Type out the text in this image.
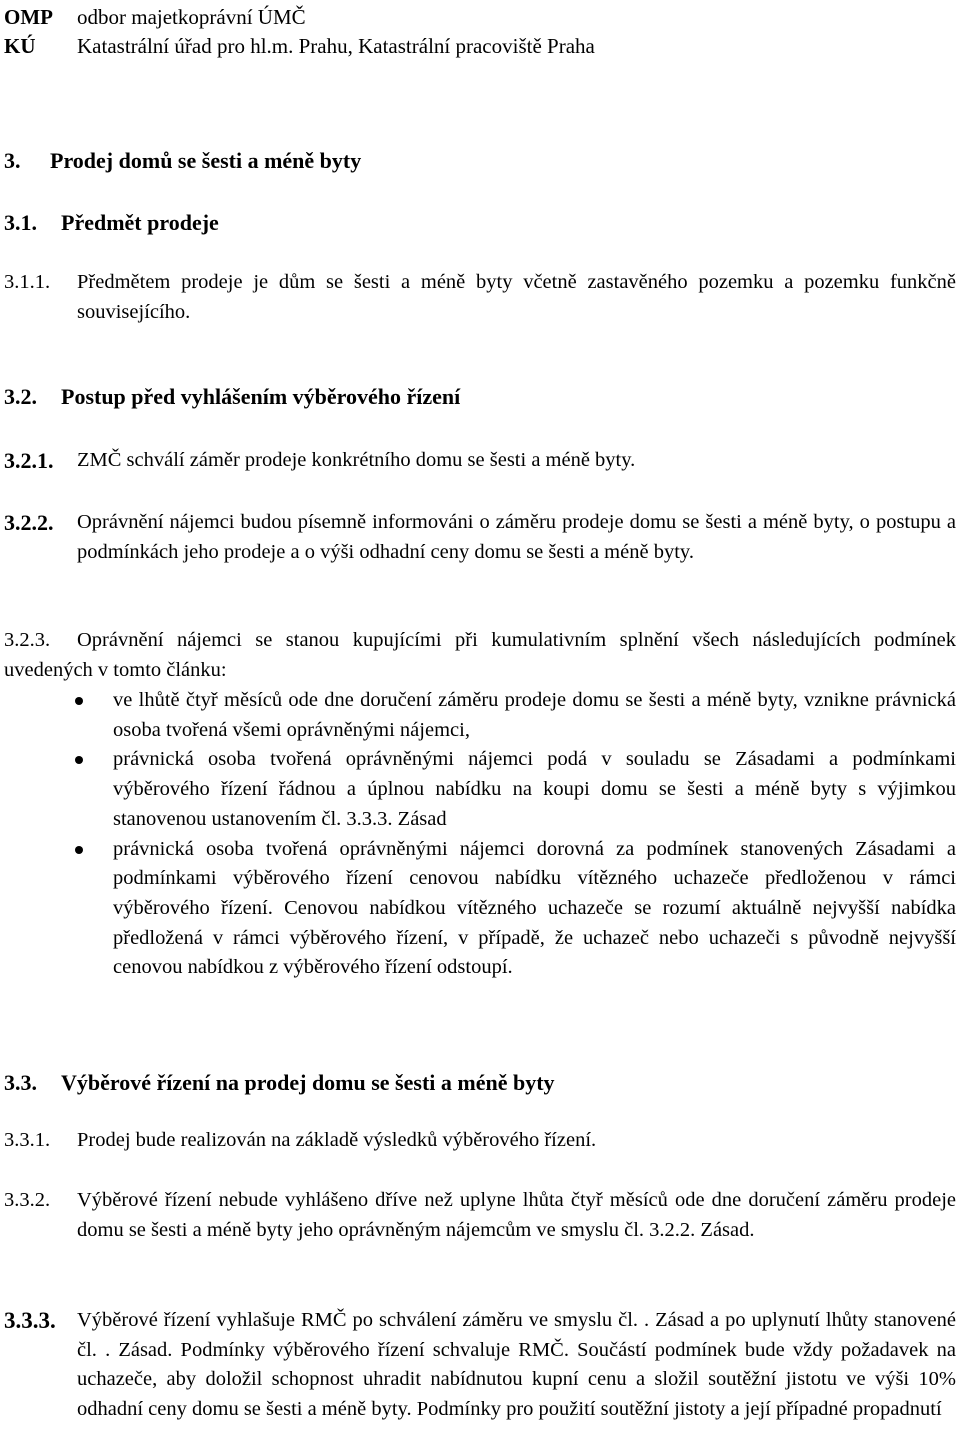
OMP odbor majetkoprávní ÚMČ
KÚ Katastrální úřad pro hl.m. Prahu, Katastrální pracoviště Praha
3. Prodej domů se šesti a méně byty
3.1. Předmět prodeje
3.1.1. Předmětem prodeje je dům se šesti a méně byty včetně zastavěného pozemku a pozemku funkčně souvisejícího.
3.2. Postup před vyhlášením výběrového řízení
3.2.1. ZMČ schválí záměr prodeje konkrétního domu se šesti a méně byty.
3.2.2. Oprávnění nájemci budou písemně informováni o záměru prodeje domu se šesti a méně byty, o postupu a podmínkách jeho prodeje a o výši odhadní ceny domu se šesti a méně byty.
3.2.3.	Oprávnění nájemci se stanou kupujícími při kumulativním splnění všech následujících podmínek uvedených v tomto článku:
ve lhůtě čtyř měsíců ode dne doručení záměru prodeje domu se šesti a méně byty, vznikne právnická osoba tvořená všemi oprávněnými nájemci,
právnická osoba tvořená oprávněnými nájemci podá v souladu se Zásadami a podmínkami výběrového řízení řádnou a úplnou nabídku na koupi domu se šesti a méně byty s výjimkou stanovenou ustanovením čl. 3.3.3. Zásad
právnická osoba tvořená oprávněnými nájemci dorovná za podmínek stanovených Zásadami a podmínkami výběrového řízení cenovou nabídku vítězného uchazeče předloženou v rámci výběrového řízení. Cenovou nabídkou vítězného uchazeče se rozumí aktuálně nejvyšší nabídka předložená v rámci výběrového řízení, v případě, že uchazeč nebo uchazeči s původně nejvyšší cenovou nabídkou z výběrového řízení odstoupí.
3.3. Výběrové řízení na prodej domu se šesti a méně byty
3.3.1. Prodej bude realizován na základě výsledků výběrového řízení.
3.3.2. Výběrové řízení nebude vyhlášeno dříve než uplyne lhůta čtyř měsíců ode dne doručení záměru prodeje domu se šesti a méně byty jeho oprávněným nájemcům ve smyslu čl. 3.2.2. Zásad.
3.3.3. Výběrové řízení vyhlašuje RMČ po schválení záměru ve smyslu čl. . Zásad a po uplynutí lhůty stanovené čl. . Zásad. Podmínky výběrového řízení schvaluje RMČ. Součástí podmínek bude vždy požadavek na uchazeče, aby doložil schopnost uhradit nabídnutou kupní cenu a složil soutěžní jistotu ve výši 10% odhadní ceny domu se šesti a méně byty. Podmínky pro použití soutěžní jistoty a její případné propadnutí
